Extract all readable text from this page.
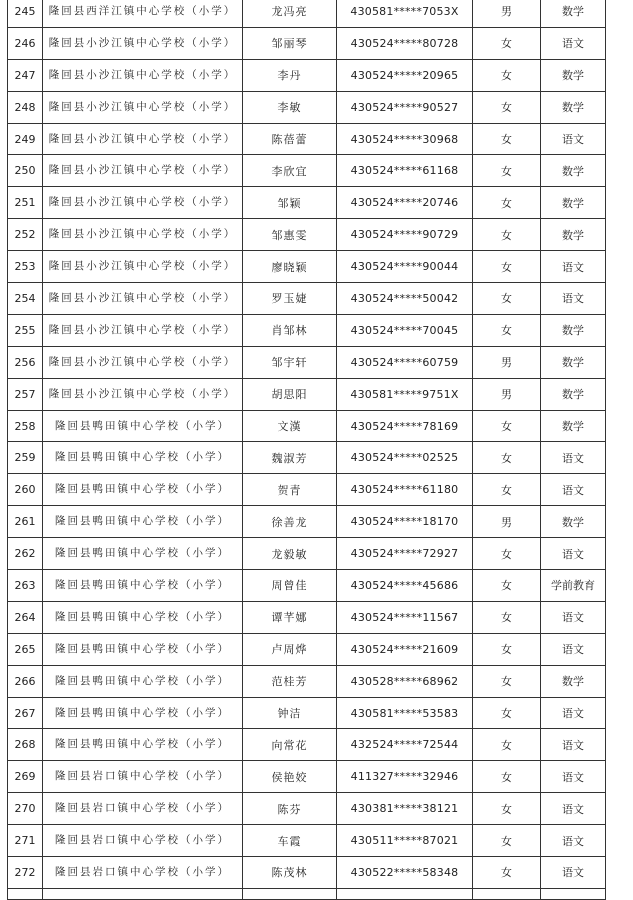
245	隆回县西洋江镇中心学校（小学）	龙冯亮	430581*****7053X	男	数学
246	隆回县小沙江镇中心学校（小学）	邹丽琴	430524*****80728	女	语文
247	隆回县小沙江镇中心学校（小学）	李丹	430524*****20965	女	数学
248	隆回县小沙江镇中心学校（小学）	李敏	430524*****90527	女	数学
249	隆回县小沙江镇中心学校（小学）	陈蓓蕾	430524*****30968	女	语文
250	隆回县小沙江镇中心学校（小学）	李欣宜	430524*****61168	女	数学
251	隆回县小沙江镇中心学校（小学）	邹颖	430524*****20746	女	数学
252	隆回县小沙江镇中心学校（小学）	邹惠雯	430524*****90729	女	数学
253	隆回县小沙江镇中心学校（小学）	廖晓颖	430524*****90044	女	语文
254	隆回县小沙江镇中心学校（小学）	罗玉婕	430524*****50042	女	语文
255	隆回县小沙江镇中心学校（小学）	肖邹林	430524*****70045	女	数学
256	隆回县小沙江镇中心学校（小学）	邹宇轩	430524*****60759	男	数学
257	隆回县小沙江镇中心学校（小学）	胡思阳	430581*****9751X	男	数学
258	隆回县鸭田镇中心学校（小学）	文漢	430524*****78169	女	数学
259	隆回县鸭田镇中心学校（小学）	魏淑芳	430524*****02525	女	语文
260	隆回县鸭田镇中心学校（小学）	贺青	430524*****61180	女	语文
261	隆回县鸭田镇中心学校（小学）	徐善龙	430524*****18170	男	数学
262	隆回县鸭田镇中心学校（小学）	龙毅敏	430524*****72927	女	语文
263	隆回县鸭田镇中心学校（小学）	周曾佳	430524*****45686	女	学前教育
264	隆回县鸭田镇中心学校（小学）	谭芊娜	430524*****11567	女	语文
265	隆回县鸭田镇中心学校（小学）	卢周烨	430524*****21609	女	语文
266	隆回县鸭田镇中心学校（小学）	范桂芳	430528*****68962	女	数学
267	隆回县鸭田镇中心学校（小学）	钟洁	430581*****53583	女	语文
268	隆回县鸭田镇中心学校（小学）	向常花	432524*****72544	女	语文
269	隆回县岩口镇中心学校（小学）	侯艳姣	411327*****32946	女	语文
270	隆回县岩口镇中心学校（小学）	陈芬	430381*****38121	女	语文
271	隆回县岩口镇中心学校（小学）	车霞	430511*****87021	女	语文
272	隆回县岩口镇中心学校（小学）	陈茂林	430522*****58348	女	语文
